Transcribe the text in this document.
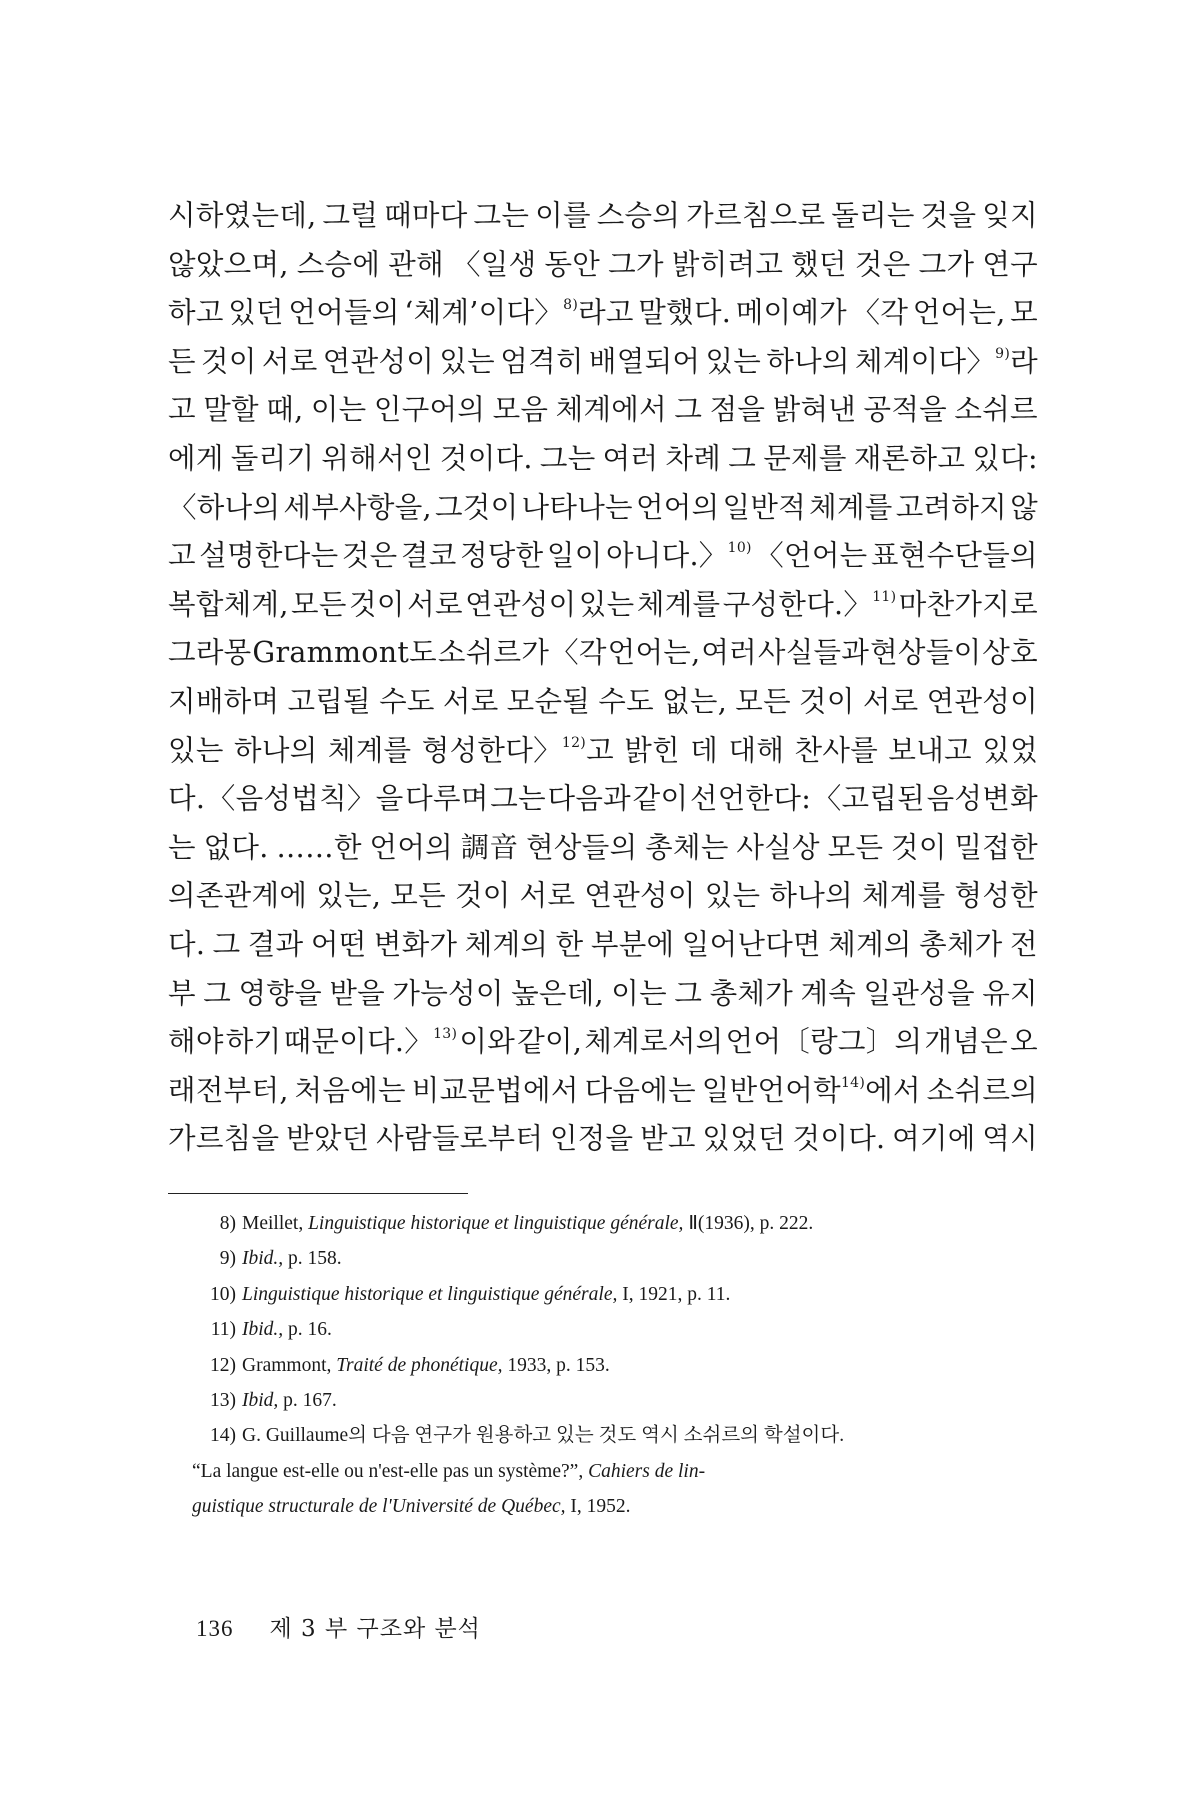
시하였는데, 그럴 때마다 그는 이를 스승의 가르침으로 돌리는 것을 잊지
않았으며, 스승에 관해 〈일생 동안 그가 밝히려고 했던 것은 그가 연구
하고 있던 언어들의 ‘체계’이다〉$^{8)}$라고 말했다. 메이예가 〈각 언어는, 모
든 것이 서로 연관성이 있는 엄격히 배열되어 있는 하나의 체계이다〉$^{9)}$라
고 말할 때, 이는 인구어의 모음 체계에서 그 점을 밝혀낸 공적을 소쉬르
에게 돌리기 위해서인 것이다. 그는 여러 차례 그 문제를 재론하고 있다:
〈하나의 세부사항을, 그것이 나타나는 언어의 일반적 체계를 고려하지 않
고 설명한다는 것은 결코 정당한 일이 아니다.〉$^{10)}$ 〈언어는 표현수단들의
복합체계, 모든 것이 서로 연관성이 있는 체계를 구성한다.〉$^{11)}$ 마찬가지로
그라몽 Grammont도 소쉬르가 〈각 언어는, 여러 사실들과 현상들이 상호
지배하며 고립될 수도 서로 모순될 수도 없는, 모든 것이 서로 연관성이
있는 하나의 체계를 형성한다〉$^{12)}$고 밝힌 데 대해 찬사를 보내고 있었
다. 〈음성법칙〉을 다루며 그는 다음과 같이 선언한다: 〈고립된 음성변화
는 없다. ……한 언어의 調音 현상들의 총체는 사실상 모든 것이 밀접한
의존관계에 있는, 모든 것이 서로 연관성이 있는 하나의 체계를 형성한
다. 그 결과 어떤 변화가 체계의 한 부분에 일어난다면 체계의 총체가 전
부 그 영향을 받을 가능성이 높은데, 이는 그 총체가 계속 일관성을 유지
해야 하기 때문이다.〉$^{13)}$ 이와 같이, 체계로서의 언어〔랑그〕의 개념은 오
래전부터, 처음에는 비교문법에서 다음에는 일반언어학$^{14)}$에서 소쉬르의
가르침을 받았던 사람들로부터 인정을 받고 있었던 것이다. 여기에 역시
8) Meillet, Linguistique historique et linguistique générale, Ⅱ(1936), p. 222.
9) Ibid., p. 158.
10) Linguistique historique et linguistique générale, I, 1921, p. 11.
11) Ibid., p. 16.
12) Grammont, Traité de phonétique, 1933, p. 153.
13) Ibid, p. 167.
14) G. Guillaume의 다음 연구가 원용하고 있는 것도 역시 소쉬르의 학설이다.
“La langue est-elle ou n'est-elle pas un système?”, Cahiers de lin-
guistique structurale de l'Université de Québec, I, 1952.
136 제 3 부 구조와 분석
